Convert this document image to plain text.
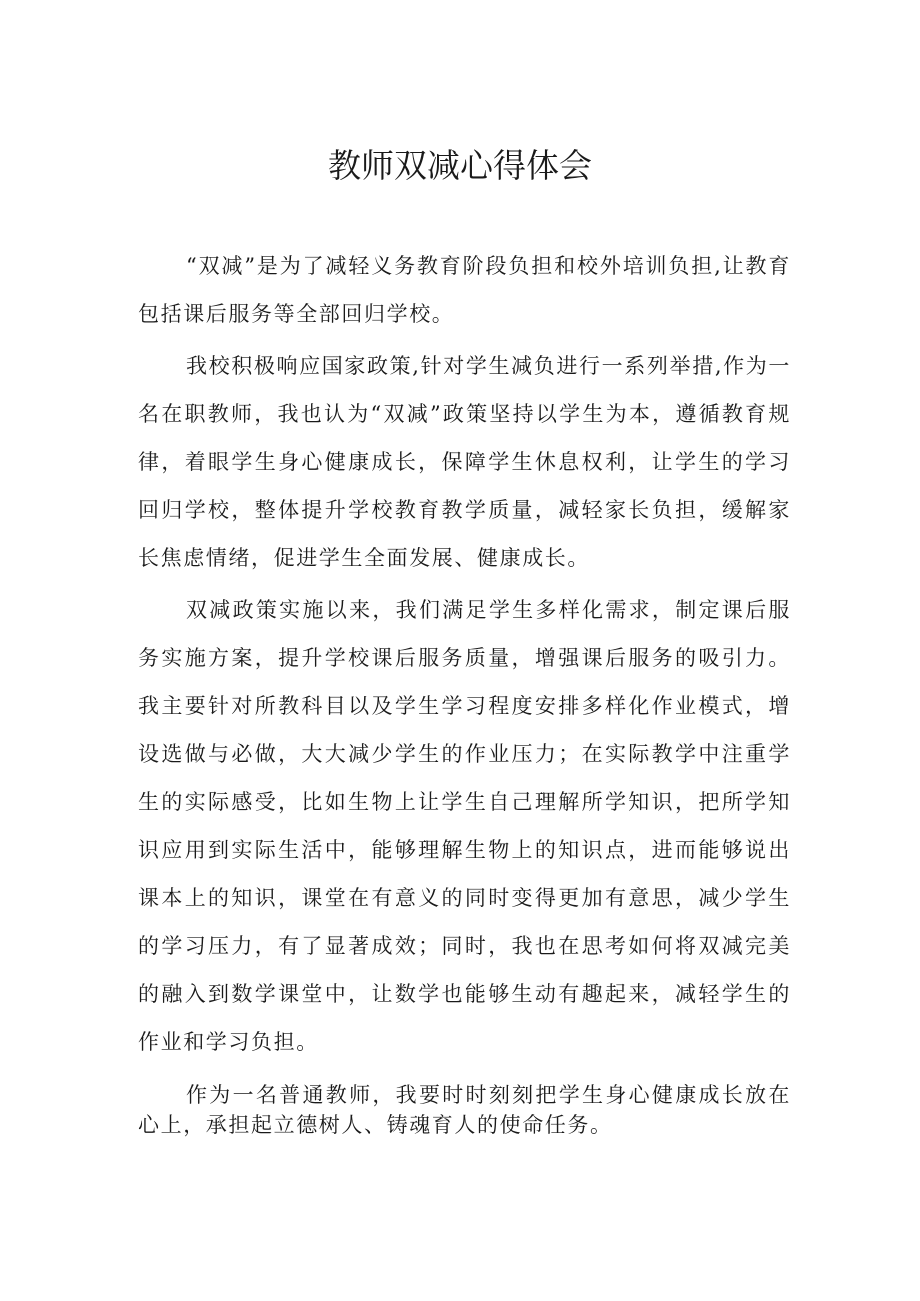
教师双减心得体会

“双减”是为了减轻义务教育阶段负担和校外培训负担,让教育包括课后服务等全部回归学校。

我校积极响应国家政策,针对学生减负进行一系列举措,作为一名在职教师，我也认为“双减”政策坚持以学生为本，遵循教育规律，着眼学生身心健康成长，保障学生休息权利，让学生的学习回归学校，整体提升学校教育教学质量，减轻家长负担，缓解家长焦虑情绪，促进学生全面发展、健康成长。

双减政策实施以来，我们满足学生多样化需求，制定课后服务实施方案，提升学校课后服务质量，增强课后服务的吸引力。我主要针对所教科目以及学生学习程度安排多样化作业模式，增设选做与必做，大大减少学生的作业压力；在实际教学中注重学生的实际感受，比如生物上让学生自己理解所学知识，把所学知识应用到实际生活中，能够理解生物上的知识点，进而能够说出课本上的知识，课堂在有意义的同时变得更加有意思，减少学生的学习压力，有了显著成效；同时，我也在思考如何将双减完美的融入到数学课堂中，让数学也能够生动有趣起来，减轻学生的作业和学习负担。

作为一名普通教师，我要时时刻刻把学生身心健康成长放在心上，承担起立德树人、铸魂育人的使命任务。
